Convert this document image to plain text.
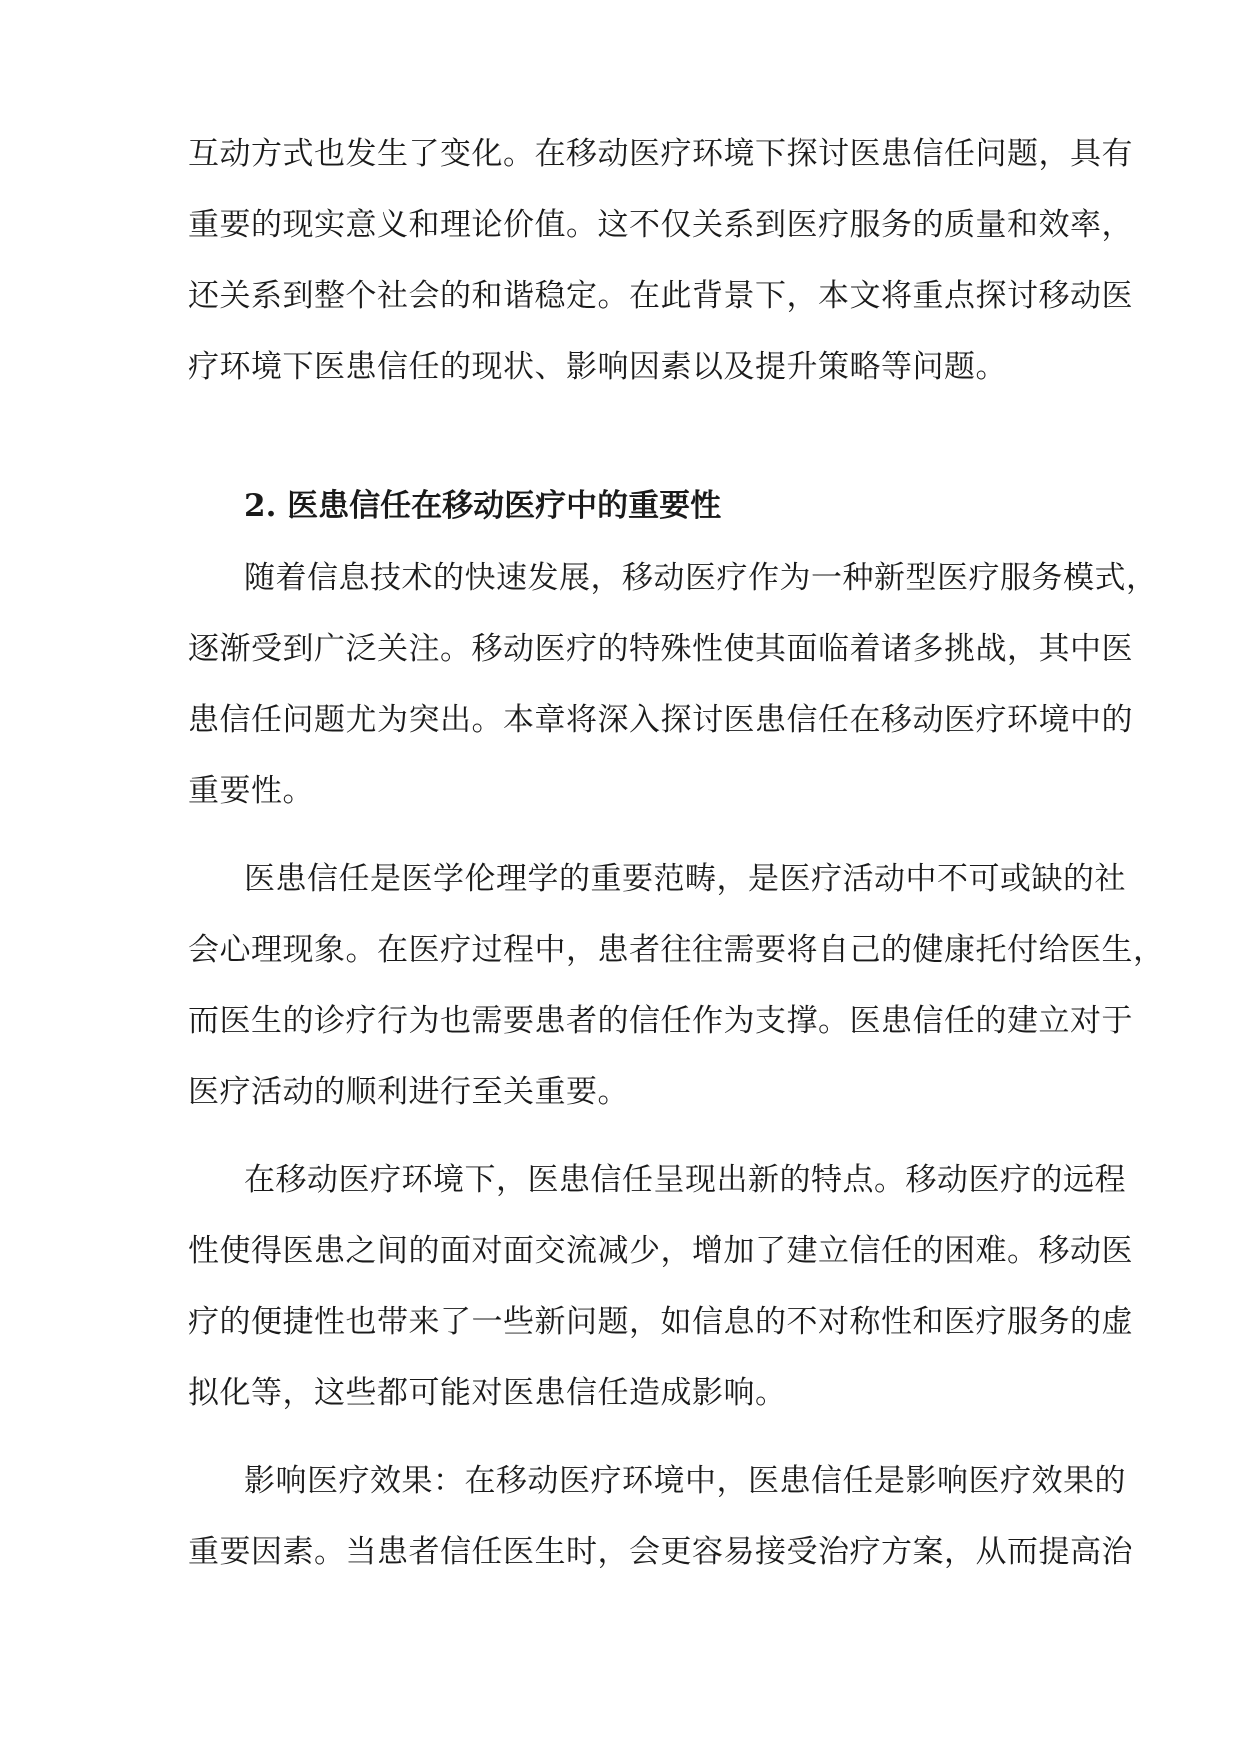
互动方式也发生了变化。在移动医疗环境下探讨医患信任问题，具有
重要的现实意义和理论价值。这不仅关系到医疗服务的质量和效率，
还关系到整个社会的和谐稳定。在此背景下，本文将重点探讨移动医
疗环境下医患信任的现状、影响因素以及提升策略等问题。
2. 医患信任在移动医疗中的重要性
随着信息技术的快速发展，移动医疗作为一种新型医疗服务模式，
逐渐受到广泛关注。移动医疗的特殊性使其面临着诸多挑战，其中医
患信任问题尤为突出。本章将深入探讨医患信任在移动医疗环境中的
重要性。
医患信任是医学伦理学的重要范畴，是医疗活动中不可或缺的社
会心理现象。在医疗过程中，患者往往需要将自己的健康托付给医生，
而医生的诊疗行为也需要患者的信任作为支撑。医患信任的建立对于
医疗活动的顺利进行至关重要。
在移动医疗环境下，医患信任呈现出新的特点。移动医疗的远程
性使得医患之间的面对面交流减少，增加了建立信任的困难。移动医
疗的便捷性也带来了一些新问题，如信息的不对称性和医疗服务的虚
拟化等，这些都可能对医患信任造成影响。
影响医疗效果：在移动医疗环境中，医患信任是影响医疗效果的
重要因素。当患者信任医生时，会更容易接受治疗方案，从而提高治
